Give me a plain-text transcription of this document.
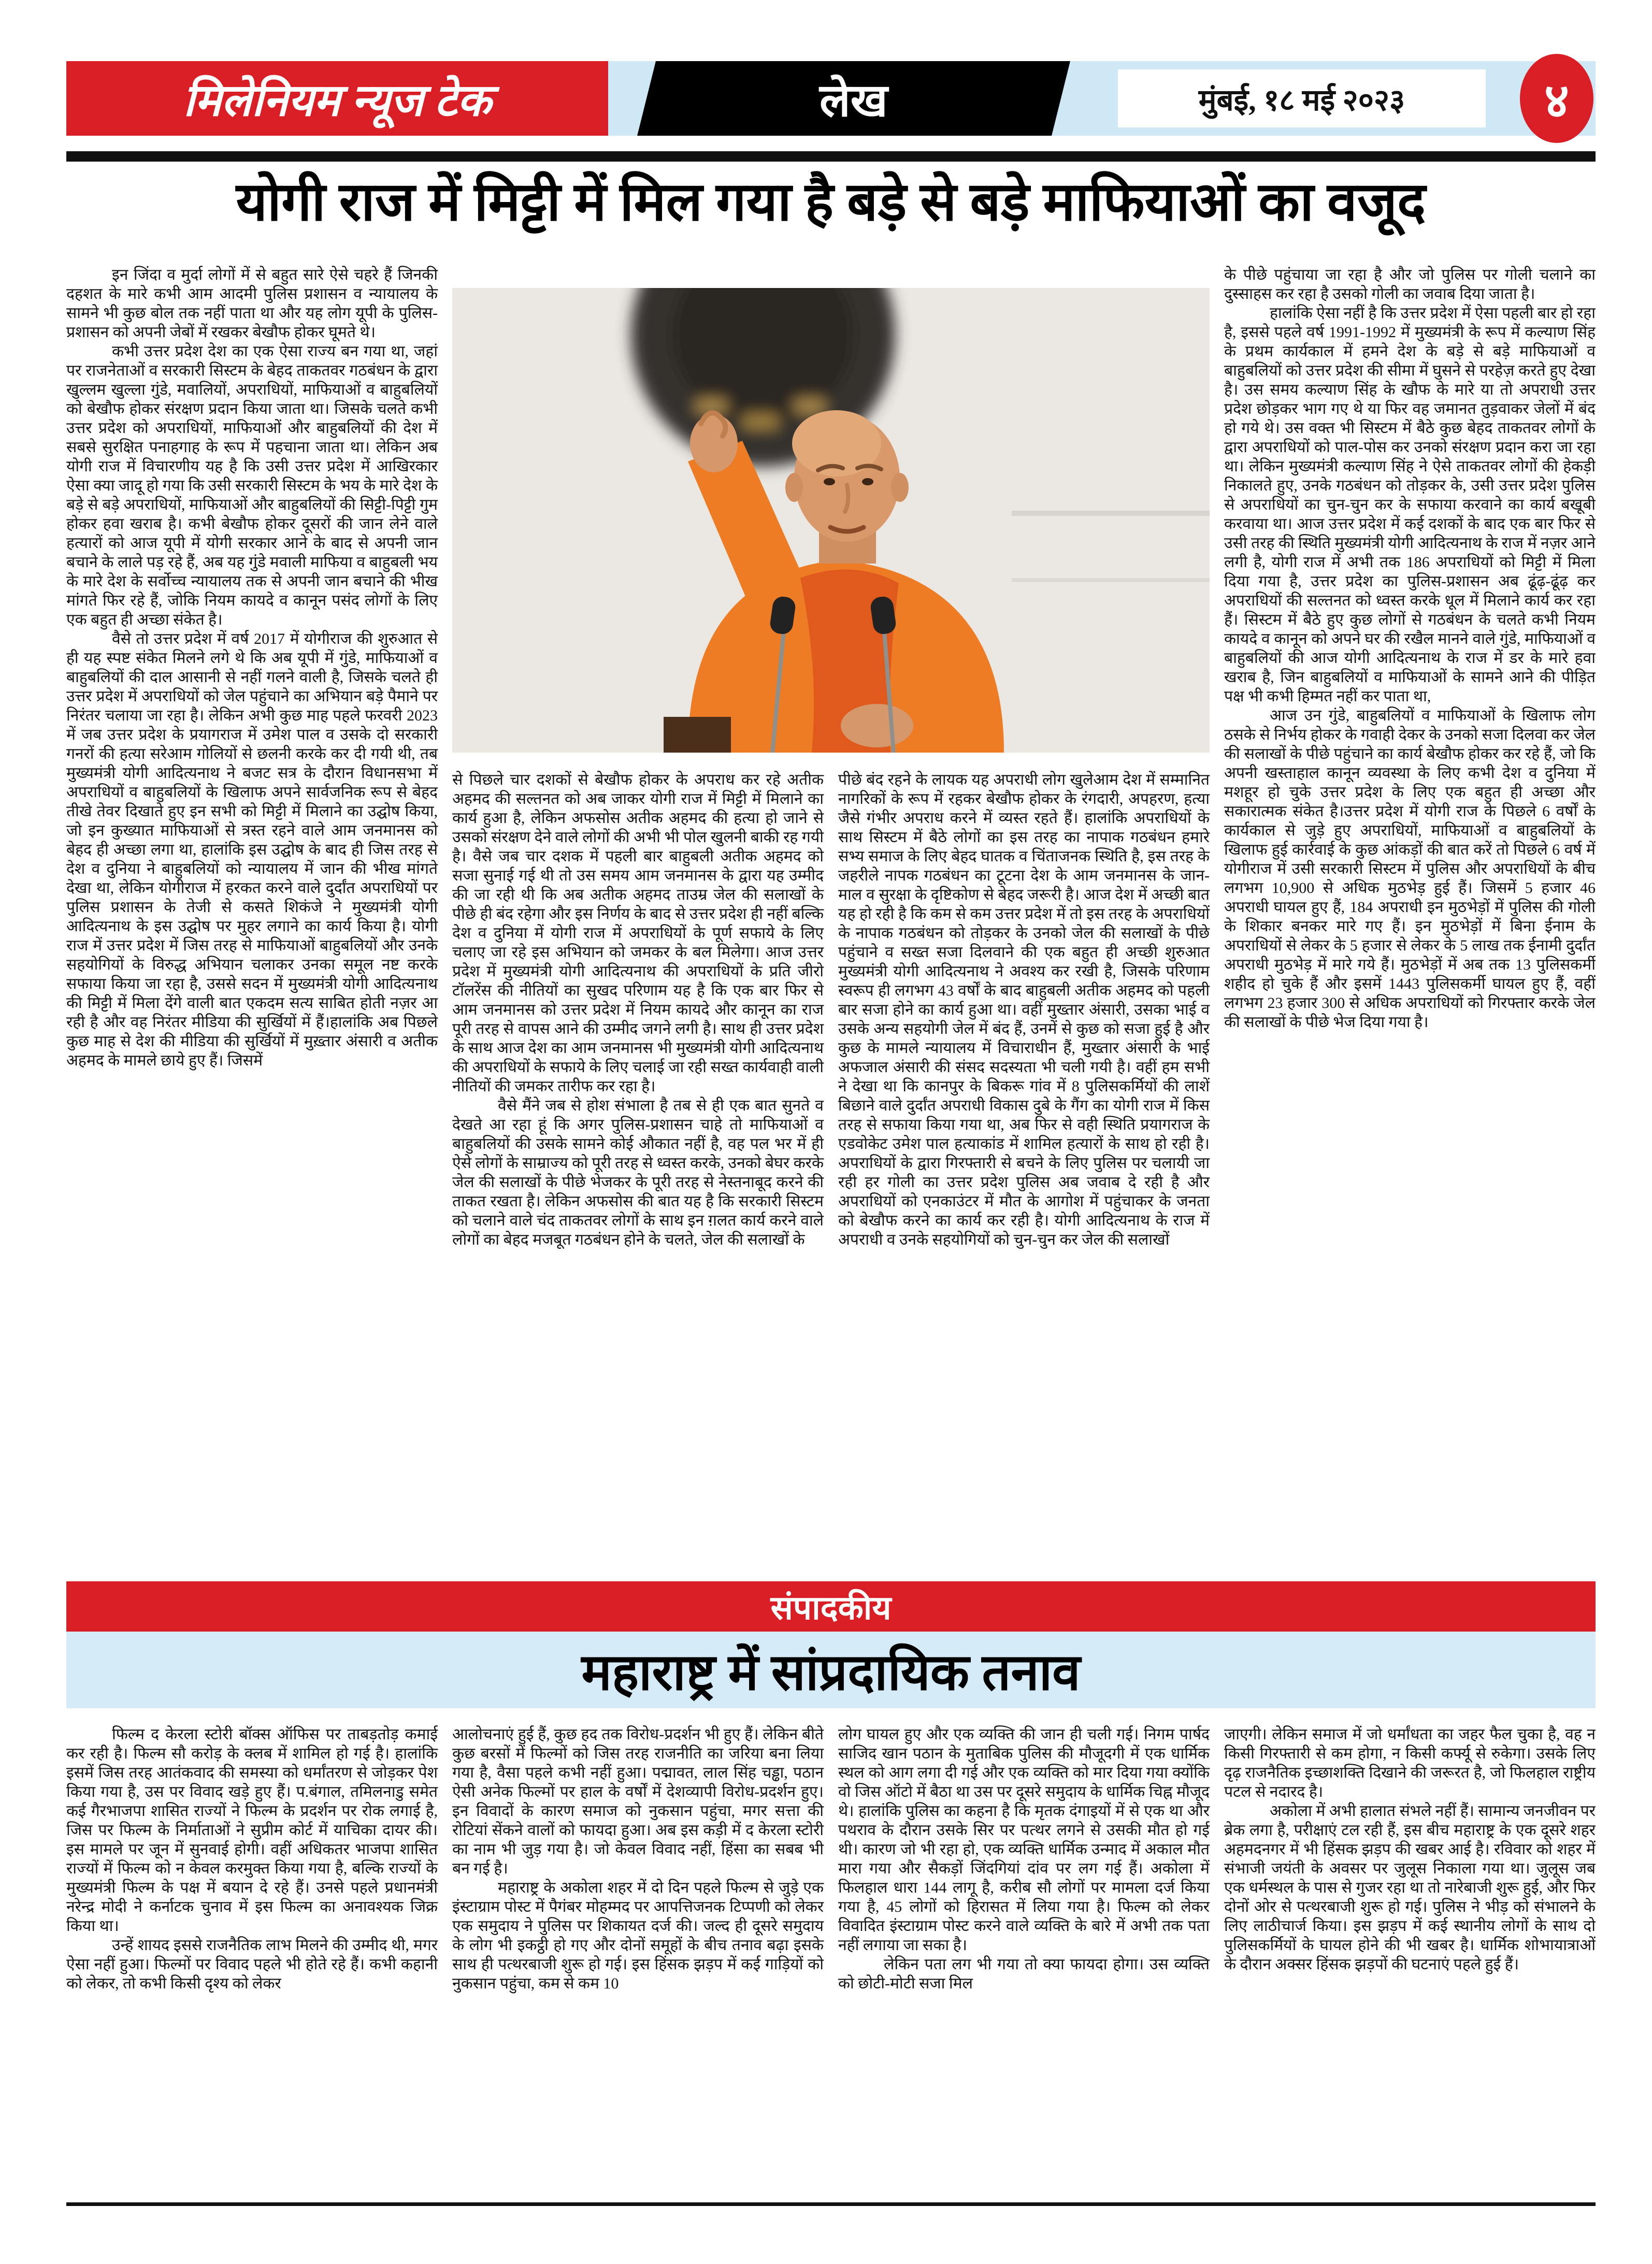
मिलेनियम न्यूज टेक	लेख	मुंबई, १८ मई २०२३	४
योगी राज में मिट्टी में मिल गया है बड़े से बड़े माफियाओं का वजूद

इन जिंदा व मुर्दा लोगों में से बहुत सारे ऐसे चहरे हैं जिनकी दहशत के मारे कभी आम आदमी पुलिस प्रशासन व न्यायालय के सामने भी कुछ बोल तक नहीं पाता था और यह लोग यूपी के पुलिस-प्रशासन को अपनी जेबों में रखकर बेखौफ होकर घूमते थे।

कभी उत्तर प्रदेश देश का एक ऐसा राज्य बन गया था, जहां पर राजनेताओं व सरकारी सिस्टम के बेहद ताकतवर गठबंधन के द्वारा खुल्लम खुल्ला गुंडे, मवालियों, अपराधियों, माफियाओं व बाहुबलियों को बेखौफ होकर संरक्षण प्रदान किया जाता था। जिसके चलते कभी उत्तर प्रदेश को अपराधियों, माफियाओं और बाहुबलियों की देश में सबसे सुरक्षित पनाहगाह के रूप में पहचाना जाता था। लेकिन अब योगी राज में विचारणीय यह है कि उसी उत्तर प्रदेश में आखिरकार ऐसा क्या जादू हो गया कि उसी सरकारी सिस्टम के भय के मारे देश के बड़े से बड़े अपराधियों, माफियाओं और बाहुबलियों की सिट्टी-पिट्टी गुम होकर हवा खराब है। कभी बेखौफ होकर दूसरों की जान लेने वाले हत्यारों को आज यूपी में योगी सरकार आने के बाद से अपनी जान बचाने के लाले पड़ रहे हैं, अब यह गुंडे मवाली माफिया व बाहुबली भय के मारे देश के सर्वोच्च न्यायालय तक से अपनी जान बचाने की भीख मांगते फिर रहे हैं, जोकि नियम कायदे व कानून पसंद लोगों के लिए एक बहुत ही अच्छा संकेत है।

वैसे तो उत्तर प्रदेश में वर्ष 2017 में योगीराज की शुरुआत से ही यह स्पष्ट संकेत मिलने लगे थे कि अब यूपी में गुंडे, माफियाओं व बाहुबलियों की दाल आसानी से नहीं गलने वाली है, जिसके चलते ही उत्तर प्रदेश में अपराधियों को जेल पहुंचाने का अभियान बड़े पैमाने पर निरंतर चलाया जा रहा है। लेकिन अभी कुछ माह पहले फरवरी 2023 में जब उत्तर प्रदेश के प्रयागराज में उमेश पाल व उसके दो सरकारी गनरों की हत्या सरेआम गोलियों से छलनी करके कर दी गयी थी, तब मुख्यमंत्री योगी आदित्यनाथ ने बजट सत्र के दौरान विधानसभा में अपराधियों व बाहुबलियों के खिलाफ अपने सार्वजनिक रूप से बेहद तीखे तेवर दिखाते हुए इन सभी को मिट्टी में मिलाने का उद्घोष किया, जो इन कुख्यात माफियाओं से त्रस्त रहने वाले आम जनमानस को बेहद ही अच्छा लगा था, हालांकि इस उद्घोष के बाद ही जिस तरह से देश व दुनिया ने बाहुबलियों को न्यायालय में जान की भीख मांगते देखा था, लेकिन योगीराज में हरकत करने वाले दुर्दांत अपराधियों पर पुलिस प्रशासन के तेजी से कसते शिकंजे ने मुख्यमंत्री योगी आदित्यनाथ के इस उद्घोष पर मुहर लगाने का कार्य किया है। योगी राज में उत्तर प्रदेश में जिस तरह से माफियाओं बाहुबलियों और उनके सहयोगियों के विरुद्ध अभियान चलाकर उनका समूल नष्ट करके सफाया किया जा रहा है, उससे सदन में मुख्यमंत्री योगी आदित्यनाथ की मिट्टी में मिला देंगे वाली बात एकदम सत्य साबित होती नज़र आ रही है और वह निरंतर मीडिया की सुर्खियों में हैं।हालांकि अब पिछले कुछ माह से देश की मीडिया की सुर्खियों में मुख़्तार अंसारी व अतीक अहमद के मामले छाये हुए हैं। जिसमें

से पिछले चार दशकों से बेखौफ होकर के अपराध कर रहे अतीक अहमद की सल्तनत को अब जाकर योगी राज में मिट्टी में मिलाने का कार्य हुआ है, लेकिन अफसोस अतीक अहमद की हत्या हो जाने से उसको संरक्षण देने वाले लोगों की अभी भी पोल खुलनी बाकी रह गयी है। वैसे जब चार दशक में पहली बार बाहुबली अतीक अहमद को सजा सुनाई गई थी तो उस समय आम जनमानस के द्वारा यह उम्मीद की जा रही थी कि अब अतीक अहमद ताउम्र जेल की सलाखों के पीछे ही बंद रहेगा और इस निर्णय के बाद से उत्तर प्रदेश ही नहीं बल्कि देश व दुनिया में योगी राज में अपराधियों के पूर्ण सफाये के लिए चलाए जा रहे इस अभियान को जमकर के बल मिलेगा। आज उत्तर प्रदेश में मुख्यमंत्री योगी आदित्यनाथ की अपराधियों के प्रति जीरो टॉलरेंस की नीतियों का सुखद परिणाम यह है कि एक बार फिर से आम जनमानस को उत्तर प्रदेश में नियम कायदे और कानून का राज पूरी तरह से वापस आने की उम्मीद जगने लगी है। साथ ही उत्तर प्रदेश के साथ आज देश का आम जनमानस भी मुख्यमंत्री योगी आदित्यनाथ की अपराधियों के सफाये के लिए चलाई जा रही सख्त कार्यवाही वाली नीतियों की जमकर तारीफ कर रहा है।

वैसे मैंने जब से होश संभाला है तब से ही एक बात सुनते व देखते आ रहा हूं कि अगर पुलिस-प्रशासन चाहे तो माफियाओं व बाहुबलियों की उसके सामने कोई औकात नहीं है, वह पल भर में ही ऐसे लोगों के साम्राज्य को पूरी तरह से ध्वस्त करके, उनको बेघर करके जेल की सलाखों के पीछे भेजकर के पूरी तरह से नेस्तनाबूद करने की ताकत रखता है। लेकिन अफसोस की बात यह है कि सरकारी सिस्टम को चलाने वाले चंद ताकतवर लोगों के साथ इन ग़लत कार्य करने वाले लोगों का बेहद मजबूत गठबंधन होने के चलते, जेल की सलाखों के

पीछे बंद रहने के लायक यह अपराधी लोग खुलेआम देश में सम्मानित नागरिकों के रूप में रहकर बेखौफ होकर के रंगदारी, अपहरण, हत्या जैसे गंभीर अपराध करने में व्यस्त रहते हैं। हालांकि अपराधियों के साथ सिस्टम में बैठे लोगों का इस तरह का नापाक गठबंधन हमारे सभ्य समाज के लिए बेहद घातक व चिंताजनक स्थिति है, इस तरह के जहरीले नापक गठबंधन का टूटना देश के आम जनमानस के जान-माल व सुरक्षा के दृष्टिकोण से बेहद जरूरी है। आज देश में अच्छी बात यह हो रही है कि कम से कम उत्तर प्रदेश में तो इस तरह के अपराधियों के नापाक गठबंधन को तोड़कर के उनको जेल की सलाखों के पीछे पहुंचाने व सख्त सजा दिलवाने की एक बहुत ही अच्छी शुरुआत मुख्यमंत्री योगी आदित्यनाथ ने अवश्य कर रखी है, जिसके परिणाम स्वरूप ही लगभग 43 वर्षों के बाद बाहुबली अतीक अहमद को पहली बार सजा होने का कार्य हुआ था। वहीं मुख्तार अंसारी, उसका भाई व उसके अन्य सहयोगी जेल में बंद हैं, उनमें से कुछ को सजा हुई है और कुछ के मामले न्यायालय में विचाराधीन हैं, मुख्तार अंसारी के भाई अफजाल अंसारी की संसद सदस्यता भी चली गयी है। वहीं हम सभी ने देखा था कि कानपुर के बिकरू गांव में 8 पुलिसकर्मियों की लाशें बिछाने वाले दुर्दांत अपराधी विकास दुबे के गैंग का योगी राज में किस तरह से सफाया किया गया था, अब फिर से वही स्थिति प्रयागराज के एडवोकेट उमेश पाल हत्याकांड में शामिल हत्यारों के साथ हो रही है। अपराधियों के द्वारा गिरफ्तारी से बचने के लिए पुलिस पर चलायी जा रही हर गोली का उत्तर प्रदेश पुलिस अब जवाब दे रही है और अपराधियों को एनकाउंटर में मौत के आगोश में पहुंचाकर के जनता को बेखौफ करने का कार्य कर रही है। योगी आदित्यनाथ के राज में अपराधी व उनके सहयोगियों को चुन-चुन कर जेल की सलाखों

के पीछे पहुंचाया जा रहा है और जो पुलिस पर गोली चलाने का दुस्साहस कर रहा है उसको गोली का जवाब दिया जाता है।

हालांकि ऐसा नहीं है कि उत्तर प्रदेश में ऐसा पहली बार हो रहा है, इससे पहले वर्ष 1991-1992 में मुख्यमंत्री के रूप में कल्याण सिंह के प्रथम कार्यकाल में हमने देश के बड़े से बड़े माफियाओं व बाहुबलियों को उत्तर प्रदेश की सीमा में घुसने से परहेज़ करते हुए देखा है। उस समय कल्याण सिंह के खौफ के मारे या तो अपराधी उत्तर प्रदेश छोड़कर भाग गए थे या फिर वह जमानत तुड़वाकर जेलों में बंद हो गये थे। उस वक्त भी सिस्टम में बैठे कुछ बेहद ताकतवर लोगों के द्वारा अपराधियों को पाल-पोस कर उनको संरक्षण प्रदान करा जा रहा था। लेकिन मुख्यमंत्री कल्याण सिंह ने ऐसे ताकतवर लोगों की हेकड़ी निकालते हुए, उनके गठबंधन को तोड़कर के, उसी उत्तर प्रदेश पुलिस से अपराधियों का चुन-चुन कर के सफाया करवाने का कार्य बखूबी करवाया था। आज उत्तर प्रदेश में कई दशकों के बाद एक बार फिर से उसी तरह की स्थिति मुख्यमंत्री योगी आदित्यनाथ के राज में नज़र आने लगी है, योगी राज में अभी तक 186 अपराधियों को मिट्टी में मिला दिया गया है, उत्तर प्रदेश का पुलिस-प्रशासन अब ढूंढ़-ढूंढ़ कर अपराधियों की सल्तनत को ध्वस्त करके धूल में मिलाने कार्य कर रहा हैं। सिस्टम में बैठे हुए कुछ लोगों से गठबंधन के चलते कभी नियम कायदे व कानून को अपने घर की रखैल मानने वाले गुंडे, माफियाओं व बाहुबलियों की आज योगी आदित्यनाथ के राज में डर के मारे हवा खराब है, जिन बाहुबलियों व माफियाओं के सामने आने की पीड़ित पक्ष भी कभी हिम्मत नहीं कर पाता था,

आज उन गुंडे, बाहुबलियों व माफियाओं के खिलाफ लोग ठसके से निर्भय होकर के गवाही देकर के उनको सजा दिलवा कर जेल की सलाखों के पीछे पहुंचाने का कार्य बेखौफ होकर कर रहे हैं, जो कि अपनी खस्ताहाल कानून व्यवस्था के लिए कभी देश व दुनिया में मशहूर हो चुके उत्तर प्रदेश के लिए एक बहुत ही अच्छा और सकारात्मक संकेत है।उत्तर प्रदेश में योगी राज के पिछले 6 वर्षों के कार्यकाल से जुड़े हुए अपराधियों, माफियाओं व बाहुबलियों के खिलाफ हुई कार्रवाई के कुछ आंकड़ों की बात करें तो पिछले 6 वर्ष में योगीराज में उसी सरकारी सिस्टम में पुलिस और अपराधियों के बीच लगभग 10,900 से अधिक मुठभेड़ हुई हैं। जिसमें 5 हजार 46 अपराधी घायल हुए हैं, 184 अपराधी इन मुठभेड़ों में पुलिस की गोली के शिकार बनकर मारे गए हैं। इन मुठभेड़ों में बिना ईनाम के अपराधियों से लेकर के 5 हजार से लेकर के 5 लाख तक ईनामी दुर्दांत अपराधी मुठभेड़ में मारे गये हैं। मुठभेड़ों में अब तक 13 पुलिसकर्मी शहीद हो चुके हैं और इसमें 1443 पुलिसकर्मी घायल हुए हैं, वहीं लगभग 23 हजार 300 से अधिक अपराधियों को गिरफ्तार करके जेल की सलाखों के पीछे भेज दिया गया है।

संपादकीय
महाराष्ट्र में सांप्रदायिक तनाव

फिल्म द केरला स्टोरी बॉक्स ऑफिस पर ताबड़तोड़ कमाई कर रही है। फिल्म सौ करोड़ के क्लब में शामिल हो गई है। हालांकि इसमें जिस तरह आतंकवाद की समस्या को धर्मांतरण से जोड़कर पेश किया गया है, उस पर विवाद खड़े हुए हैं। प.बंगाल, तमिलनाडु समेत कई गैरभाजपा शासित राज्यों ने फिल्म के प्रदर्शन पर रोक लगाई है, जिस पर फिल्म के निर्माताओं ने सुप्रीम कोर्ट में याचिका दायर की। इस मामले पर जून में सुनवाई होगी। वहीं अधिकतर भाजपा शासित राज्यों में फिल्म को न केवल करमुक्त किया गया है, बल्कि राज्यों के मुख्यमंत्री फिल्म के पक्ष में बयान दे रहे हैं। उनसे पहले प्रधानमंत्री नरेन्द्र मोदी ने कर्नाटक चुनाव में इस फिल्म का अनावश्यक जिक्र किया था।

उन्हें शायद इससे राजनैतिक लाभ मिलने की उम्मीद थी, मगर ऐसा नहीं हुआ। फिल्मों पर विवाद पहले भी होते रहे हैं। कभी कहानी को लेकर, तो कभी किसी दृश्य को लेकर

आलोचनाएं हुई हैं, कुछ हद तक विरोध-प्रदर्शन भी हुए हैं। लेकिन बीते कुछ बरसों में फिल्मों को जिस तरह राजनीति का जरिया बना लिया गया है, वैसा पहले कभी नहीं हुआ। पद्मावत, लाल सिंह चड्ढा, पठान ऐसी अनेक फिल्मों पर हाल के वर्षों में देशव्यापी विरोध-प्रदर्शन हुए। इन विवादों के कारण समाज को नुकसान पहुंचा, मगर सत्ता की रोटियां सेंकने वालों को फायदा हुआ। अब इस कड़ी में द केरला स्टोरी का नाम भी जुड़ गया है। जो केवल विवाद नहीं, हिंसा का सबब भी बन गई है।

महाराष्ट्र के अकोला शहर में दो दिन पहले फिल्म से जुड़े एक इंस्टाग्राम पोस्ट में पैगंबर मोहम्मद पर आपत्तिजनक टिप्पणी को लेकर एक समुदाय ने पुलिस पर शिकायत दर्ज की। जल्द ही दूसरे समुदाय के लोग भी इकट्ठी हो गए और दोनों समूहों के बीच तनाव बढ़ा इसके साथ ही पत्थरबाजी शुरू हो गई। इस हिंसक झड़प में कई गाड़ियों को नुकसान पहुंचा, कम से कम 10

लोग घायल हुए और एक व्यक्ति की जान ही चली गई। निगम पार्षद साजिद खान पठान के मुताबिक पुलिस की मौजूदगी में एक धार्मिक स्थल को आग लगा दी गई और एक व्यक्ति को मार दिया गया क्योंकि वो जिस ऑटो में बैठा था उस पर दूसरे समुदाय के धार्मिक चिह्न मौजूद थे। हालांकि पुलिस का कहना है कि मृतक दंगाइयों में से एक था और पथराव के दौरान उसके सिर पर पत्थर लगने से उसकी मौत हो गई थी। कारण जो भी रहा हो, एक व्यक्ति धार्मिक उन्माद में अकाल मौत मारा गया और सैकड़ों जिंदगियां दांव पर लग गई हैं। अकोला में फिलहाल धारा 144 लागू है, करीब सौ लोगों पर मामला दर्ज किया गया है, 45 लोगों को हिरासत में लिया गया है। फिल्म को लेकर विवादित इंस्टाग्राम पोस्ट करने वाले व्यक्ति के बारे में अभी तक पता नहीं लगाया जा सका है।

लेकिन पता लग भी गया तो क्या फायदा होगा। उस व्यक्ति को छोटी-मोटी सजा मिल

जाएगी। लेकिन समाज में जो धर्मांधता का जहर फैल चुका है, वह न किसी गिरफ्तारी से कम होगा, न किसी कर्फ्यू से रुकेगा। उसके लिए दृढ़ राजनैतिक इच्छाशक्ति दिखाने की जरूरत है, जो फिलहाल राष्ट्रीय पटल से नदारद है।

अकोला में अभी हालात संभले नहीं हैं। सामान्य जनजीवन पर ब्रेक लगा है, परीक्षाएं टल रही हैं, इस बीच महाराष्ट्र के एक दूसरे शहर अहमदनगर में भी हिंसक झड़प की खबर आई है। रविवार को शहर में संभाजी जयंती के अवसर पर जुलूस निकाला गया था। जुलूस जब एक धर्मस्थल के पास से गुजर रहा था तो नारेबाजी शुरू हुई, और फिर दोनों ओर से पत्थरबाजी शुरू हो गई। पुलिस ने भीड़ को संभालने के लिए लाठीचार्ज किया। इस झड़प में कई स्थानीय लोगों के साथ दो पुलिसकर्मियों के घायल होने की भी खबर है। धार्मिक शोभायात्राओं के दौरान अक्सर हिंसक झड़पों की घटनाएं पहले हुई हैं।
